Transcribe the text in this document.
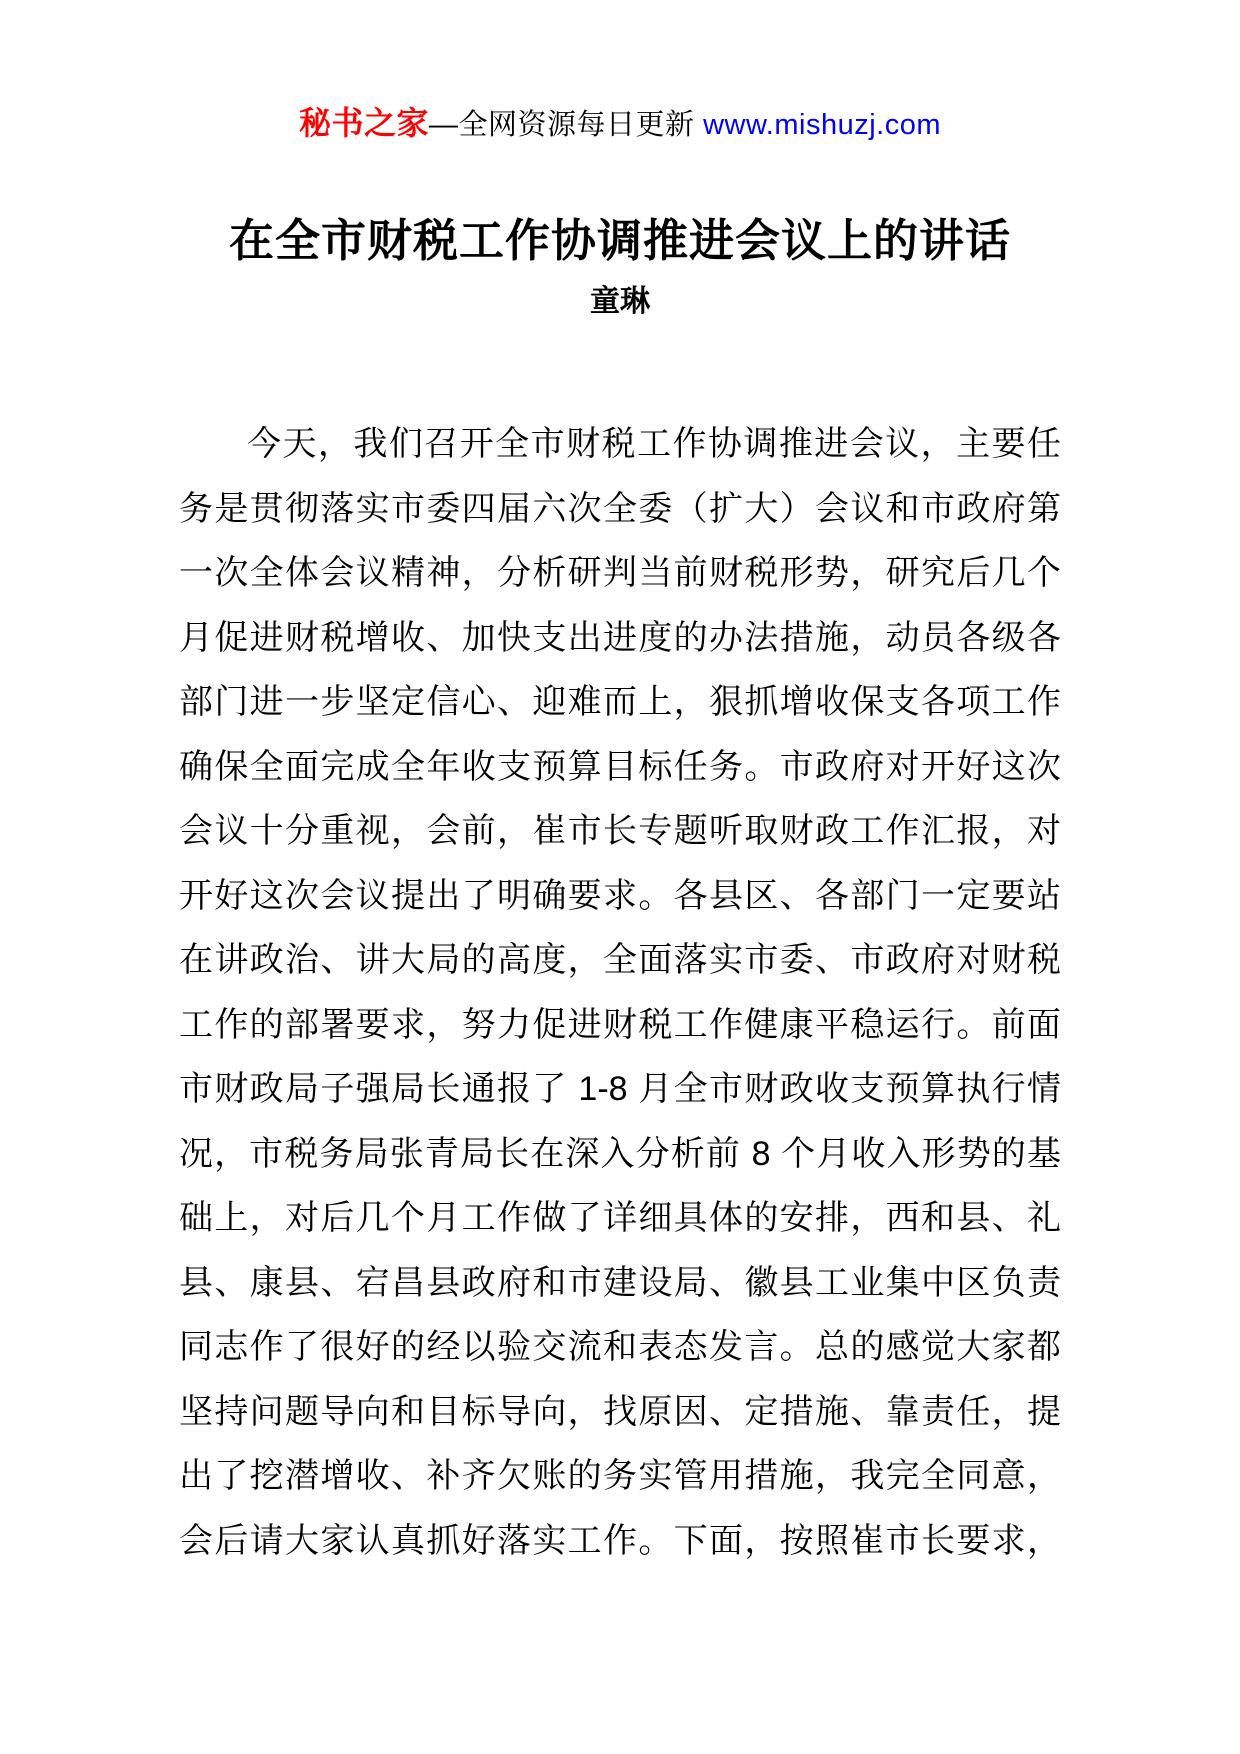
秘书之家—全网资源每日更新 www.mishuzj.com
在全市财税工作协调推进会议上的讲话
童琳
今天，我们召开全市财税工作协调推进会议，主要任
务是贯彻落实市委四届六次全委（扩大）会议和市政府第
一次全体会议精神，分析研判当前财税形势，研究后几个
月促进财税增收、加快支出进度的办法措施，动员各级各
部门进一步坚定信心、迎难而上，狠抓增收保支各项工作
确保全面完成全年收支预算目标任务。市政府对开好这次
会议十分重视，会前，崔市长专题听取财政工作汇报，对
开好这次会议提出了明确要求。各县区、各部门一定要站
在讲政治、讲大局的高度，全面落实市委、市政府对财税
工作的部署要求，努力促进财税工作健康平稳运行。前面
市财政局子强局长通报了 1-8 月全市财政收支预算执行情
况，市税务局张青局长在深入分析前 8 个月收入形势的基
础上，对后几个月工作做了详细具体的安排，西和县、礼
县、康县、宕昌县政府和市建设局、徽县工业集中区负责
同志作了很好的经以验交流和表态发言。总的感觉大家都
坚持问题导向和目标导向，找原因、定措施、靠责任，提
出了挖潜增收、补齐欠账的务实管用措施，我完全同意，
会后请大家认真抓好落实工作。下面，按照崔市长要求，
